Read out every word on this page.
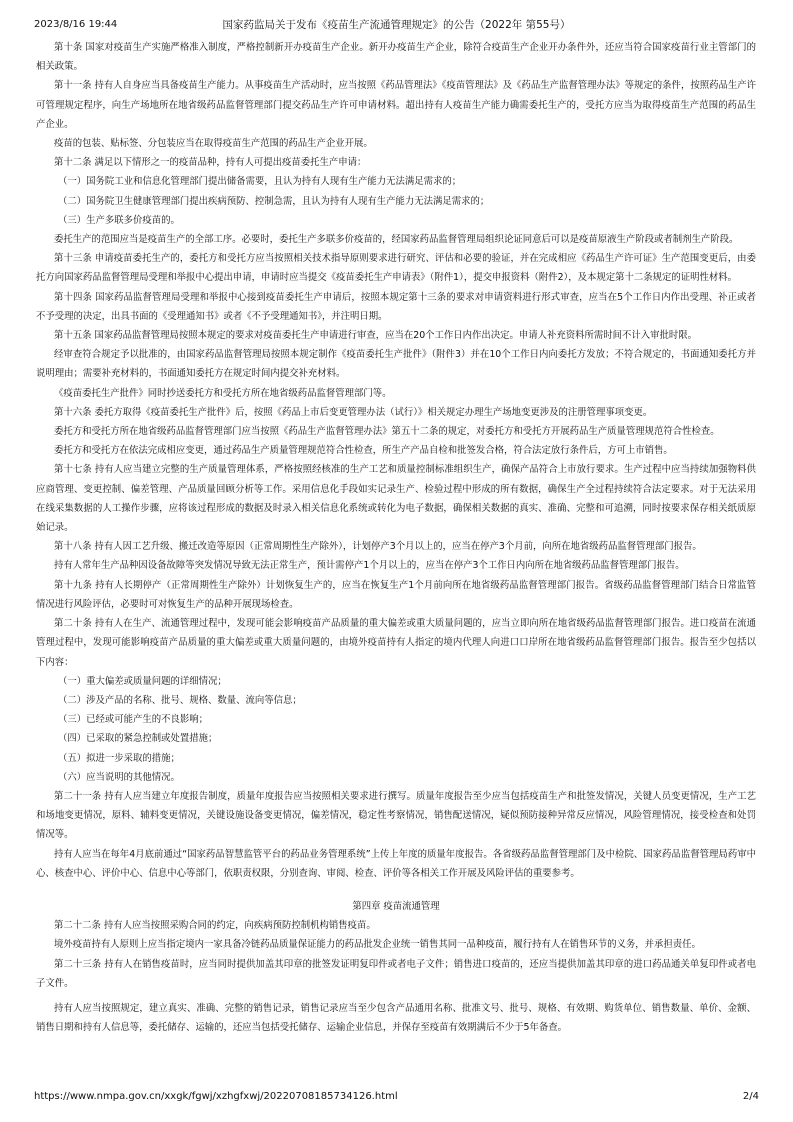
2023/8/16 19:44	国家药监局关于发布《疫苗生产流通管理规定》的公告（2022年 第55号）

第十条 国家对疫苗生产实施严格准入制度，严格控制新开办疫苗生产企业。新开办疫苗生产企业，除符合疫苗生产企业开办条件外，还应当符合国家疫苗行业主管部门的相关政策。

第十一条 持有人自身应当具备疫苗生产能力。从事疫苗生产活动时，应当按照《药品管理法》《疫苗管理法》及《药品生产监督管理办法》等规定的条件，按照药品生产许可管理规定程序，向生产场地所在地省级药品监督管理部门提交药品生产许可申请材料。超出持有人疫苗生产能力确需委托生产的，受托方应当为取得疫苗生产范围的药品生产企业。

疫苗的包装、贴标签、分包装应当在取得疫苗生产范围的药品生产企业开展。

第十二条 满足以下情形之一的疫苗品种，持有人可提出疫苗委托生产申请：

（一）国务院工业和信息化管理部门提出储备需要，且认为持有人现有生产能力无法满足需求的；

（二）国务院卫生健康管理部门提出疾病预防、控制急需，且认为持有人现有生产能力无法满足需求的；

（三）生产多联多价疫苗的。

委托生产的范围应当是疫苗生产的全部工序。必要时，委托生产多联多价疫苗的，经国家药品监督管理局组织论证同意后可以是疫苗原液生产阶段或者制剂生产阶段。

第十三条 申请疫苗委托生产的，委托方和受托方应当按照相关技术指导原则要求进行研究、评估和必要的验证，并在完成相应《药品生产许可证》生产范围变更后，由委托方向国家药品监督管理局受理和举报中心提出申请，申请时应当提交《疫苗委托生产申请表》（附件1），提交申报资料（附件2），及本规定第十二条规定的证明性材料。

第十四条 国家药品监督管理局受理和举报中心接到疫苗委托生产申请后，按照本规定第十三条的要求对申请资料进行形式审查，应当在5个工作日内作出受理、补正或者不予受理的决定，出具书面的《受理通知书》或者《不予受理通知书》，并注明日期。

第十五条 国家药品监督管理局按照本规定的要求对疫苗委托生产申请进行审查，应当在20个工作日内作出决定。申请人补充资料所需时间不计入审批时限。

经审查符合规定予以批准的，由国家药品监督管理局按照本规定制作《疫苗委托生产批件》（附件3）并在10个工作日内向委托方发放；不符合规定的，书面通知委托方并说明理由；需要补充材料的，书面通知委托方在规定时间内提交补充材料。

《疫苗委托生产批件》同时抄送委托方和受托方所在地省级药品监督管理部门等。

第十六条 委托方取得《疫苗委托生产批件》后，按照《药品上市后变更管理办法（试行）》相关规定办理生产场地变更涉及的注册管理事项变更。

委托方和受托方所在地省级药品监督管理部门应当按照《药品生产监督管理办法》第五十二条的规定，对委托方和受托方开展药品生产质量管理规范符合性检查。

委托方和受托方在依法完成相应变更，通过药品生产质量管理规范符合性检查，所生产产品自检和批签发合格，符合法定放行条件后，方可上市销售。

第十七条 持有人应当建立完整的生产质量管理体系，严格按照经核准的生产工艺和质量控制标准组织生产，确保产品符合上市放行要求。生产过程中应当持续加强物料供应商管理、变更控制、偏差管理、产品质量回顾分析等工作。采用信息化手段如实记录生产、检验过程中形成的所有数据，确保生产全过程持续符合法定要求。对于无法采用在线采集数据的人工操作步骤，应将该过程形成的数据及时录入相关信息化系统或转化为电子数据，确保相关数据的真实、准确、完整和可追溯，同时按要求保存相关纸质原始记录。

第十八条 持有人因工艺升级、搬迁改造等原因（正常周期性生产除外），计划停产3个月以上的，应当在停产3个月前，向所在地省级药品监督管理部门报告。

持有人常年生产品种因设备故障等突发情况导致无法正常生产，预计需停产1个月以上的，应当在停产3个工作日内向所在地省级药品监督管理部门报告。

第十九条 持有人长期停产（正常周期性生产除外）计划恢复生产的，应当在恢复生产1个月前向所在地省级药品监督管理部门报告。省级药品监督管理部门结合日常监管情况进行风险评估，必要时可对恢复生产的品种开展现场检查。

第二十条 持有人在生产、流通管理过程中，发现可能会影响疫苗产品质量的重大偏差或重大质量问题的，应当立即向所在地省级药品监督管理部门报告。进口疫苗在流通管理过程中，发现可能影响疫苗产品质量的重大偏差或重大质量问题的，由境外疫苗持有人指定的境内代理人向进口口岸所在地省级药品监督管理部门报告。报告至少包括以下内容：

（一）重大偏差或质量问题的详细情况；

（二）涉及产品的名称、批号、规格、数量、流向等信息；

（三）已经或可能产生的不良影响；

（四）已采取的紧急控制或处置措施；

（五）拟进一步采取的措施；

（六）应当说明的其他情况。

第二十一条 持有人应当建立年度报告制度，质量年度报告应当按照相关要求进行撰写。质量年度报告至少应当包括疫苗生产和批签发情况，关键人员变更情况，生产工艺和场地变更情况，原料、辅料变更情况，关键设施设备变更情况，偏差情况，稳定性考察情况，销售配送情况，疑似预防接种异常反应情况，风险管理情况，接受检查和处罚情况等。

持有人应当在每年4月底前通过“国家药品智慧监管平台的药品业务管理系统”上传上年度的质量年度报告。各省级药品监督管理部门及中检院、国家药品监督管理局药审中心、核查中心、评价中心、信息中心等部门，依职责权限，分别查询、审阅、检查、评价等各相关工作开展及风险评估的重要参考。

第四章 疫苗流通管理

第二十二条 持有人应当按照采购合同的约定，向疾病预防控制机构销售疫苗。

境外疫苗持有人原则上应当指定境内一家具备冷链药品质量保证能力的药品批发企业统一销售其同一品种疫苗，履行持有人在销售环节的义务，并承担责任。

第二十三条 持有人在销售疫苗时，应当同时提供加盖其印章的批签发证明复印件或者电子文件；销售进口疫苗的，还应当提供加盖其印章的进口药品通关单复印件或者电子文件。

持有人应当按照规定，建立真实、准确、完整的销售记录，销售记录应当至少包含产品通用名称、批准文号、批号、规格、有效期、购货单位、销售数量、单价、金额、销售日期和持有人信息等，委托储存、运输的，还应当包括受托储存、运输企业信息，并保存至疫苗有效期满后不少于5年备查。

https://www.nmpa.gov.cn/xxgk/fgwj/xzhgfxwj/20220708185734126.html	2/4
